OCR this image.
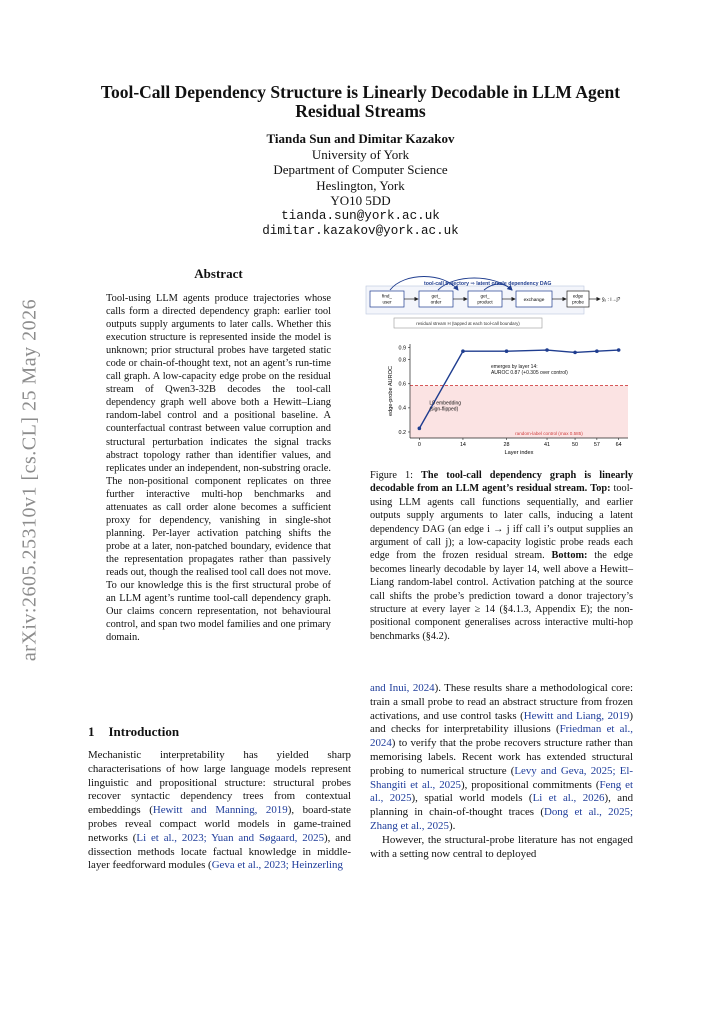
arXiv:2605.25310v1 [cs.CL] 25 May 2026
Tool-Call Dependency Structure is Linearly Decodable in LLM Agent Residual Streams
Tianda Sun and Dimitar Kazakov
University of York
Department of Computer Science
Heslington, York
YO10 5DD
tianda.sun@york.ac.uk
dimitar.kazakov@york.ac.uk
Abstract
Tool-using LLM agents produce trajectories whose calls form a directed dependency graph: earlier tool outputs supply arguments to later calls. Whether this execution structure is represented inside the model is unknown; prior structural probes have targeted static code or chain-of-thought text, not an agent’s run-time call graph. A low-capacity edge probe on the residual stream of Qwen3-32B decodes the tool-call dependency graph well above both a Hewitt–Liang random-label control and a positional baseline. A counterfactual contrast between value corruption and structural perturbation indicates the signal tracks abstract topology rather than identifier values, and replicates under an independent, non-substring oracle. The non-positional component replicates on three further interactive multi-hop benchmarks and attenuates as call order alone becomes a sufficient proxy for dependency, vanishing in single-shot planning. Per-layer activation patching shifts the probe at a later, non-patched boundary, evidence that the representation propagates rather than passively reads out, though the realised tool call does not move. To our knowledge this is the first structural probe of an LLM agent’s runtime tool-call dependency graph. Our claims concern representation, not behavioural control, and span two model families and one primary domain.
tool-call trajectory ⇒ latent oracle dependency DAG
find_
user
get_
order
get_
product	exchange
edge
probe	ŷᵢⱼ : i→j?
residual stream H (tapped at each tool-call boundary)
0	14	28	41	50	57	64
0.2
0.4
0.6
0.8
0.9
random-label control (max 0.585)
emerges by layer 14:
AUROC 0.87 (+0.305 over control)
L0 embedding
(sign-flipped)
Layer index
edge-probe AUROC
Figure 1: The tool-call dependency graph is linearly decodable from an LLM agent’s residual stream. Top: tool-using LLM agents call functions sequentially, and earlier outputs supply arguments to later calls, inducing a latent dependency DAG (an edge i → j iff call i’s output supplies an argument of call j); a low-capacity logistic probe reads each edge from the frozen residual stream. Bottom: the edge becomes linearly decodable by layer 14, well above a Hewitt–Liang random-label control. Activation patching at the source call shifts the probe’s prediction toward a donor trajectory’s structure at every layer ≥ 14 (§4.1.3, Appendix E); the non-positional component generalises across interactive multi-hop benchmarks (§4.2).
1 Introduction
Mechanistic interpretability has yielded sharp characterisations of how large language models represent linguistic and propositional structure: structural probes recover syntactic dependency trees from contextual embeddings (Hewitt and Manning, 2019), board-state probes reveal compact world models in game-trained networks (Li et al., 2023; Yuan and Søgaard, 2025), and dissection methods locate factual knowledge in middle-layer feedforward modules (Geva et al., 2023; Heinzerling

and Inui, 2024). These results share a methodological core: train a small probe to read an abstract structure from frozen activations, and use control tasks (Hewitt and Liang, 2019) and checks for interpretability illusions (Friedman et al., 2024) to verify that the probe recovers structure rather than memorising labels. Recent work has extended structural probing to numerical structure (Levy and Geva, 2025; El-Shangiti et al., 2025), propositional commitments (Feng et al., 2025), spatial world models (Li et al., 2026), and planning in chain-of-thought traces (Dong et al., 2025; Zhang et al., 2025).

However, the structural-probe literature has not engaged with a setting now central to deployed
